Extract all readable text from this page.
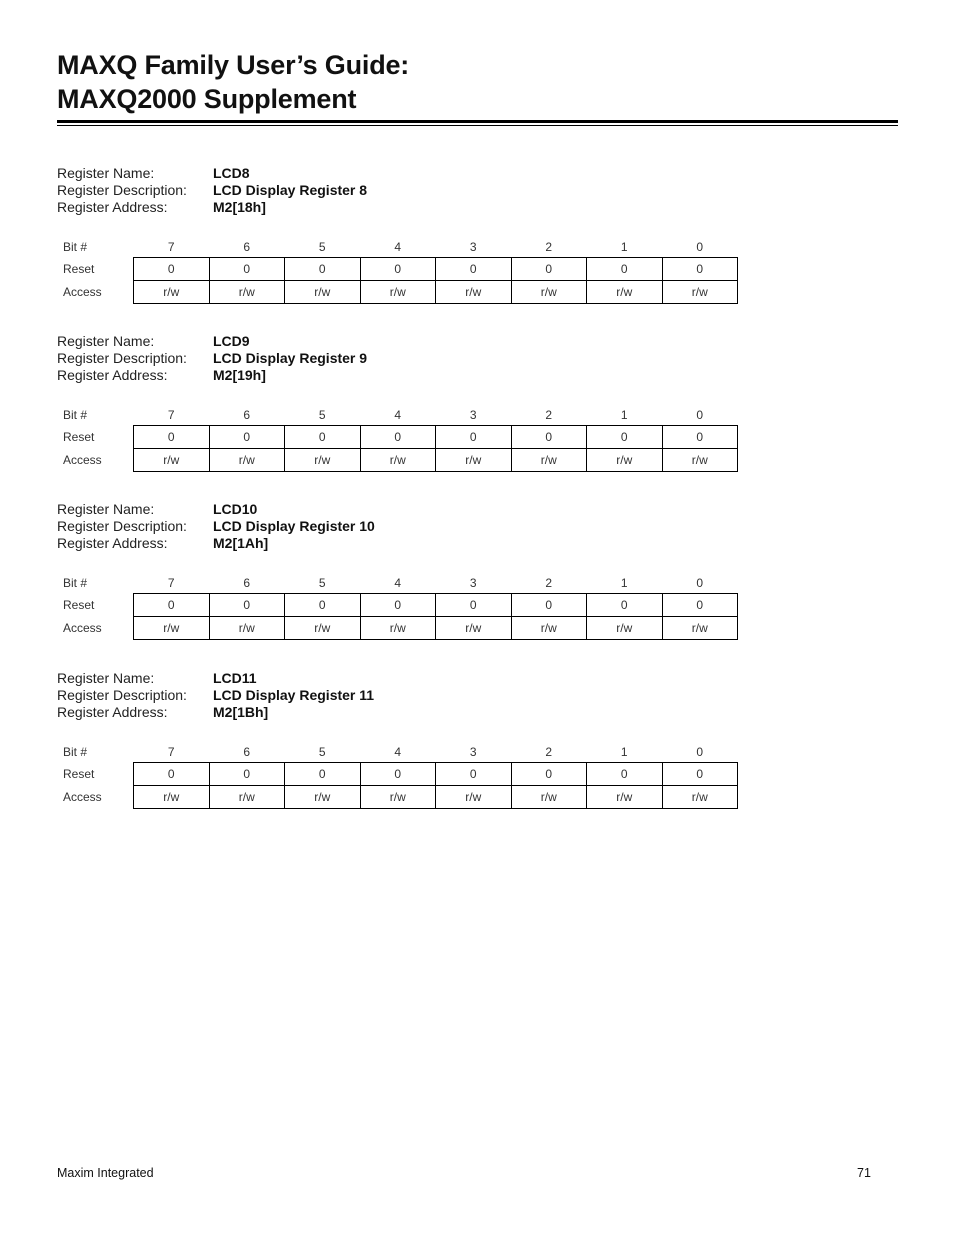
MAXQ Family User’s Guide:
MAXQ2000 Supplement
Register Name:	LCD8
Register Description:	LCD Display Register 8
Register Address:	M2[18h]
Bit #	7	6	5	4	3	2	1	0
Reset	0	0	0	0	0	0	0	0
Access	r/w	r/w	r/w	r/w	r/w	r/w	r/w	r/w
Register Name:	LCD9
Register Description:	LCD Display Register 9
Register Address:	M2[19h]
Bit #	7	6	5	4	3	2	1	0
Reset	0	0	0	0	0	0	0	0
Access	r/w	r/w	r/w	r/w	r/w	r/w	r/w	r/w
Register Name:	LCD10
Register Description:	LCD Display Register 10
Register Address:	M2[1Ah]
Bit #	7	6	5	4	3	2	1	0
Reset	0	0	0	0	0	0	0	0
Access	r/w	r/w	r/w	r/w	r/w	r/w	r/w	r/w
Register Name:	LCD11
Register Description:	LCD Display Register 11
Register Address:	M2[1Bh]
Bit #	7	6	5	4	3	2	1	0
Reset	0	0	0	0	0	0	0	0
Access	r/w	r/w	r/w	r/w	r/w	r/w	r/w	r/w
Maxim Integrated	71
